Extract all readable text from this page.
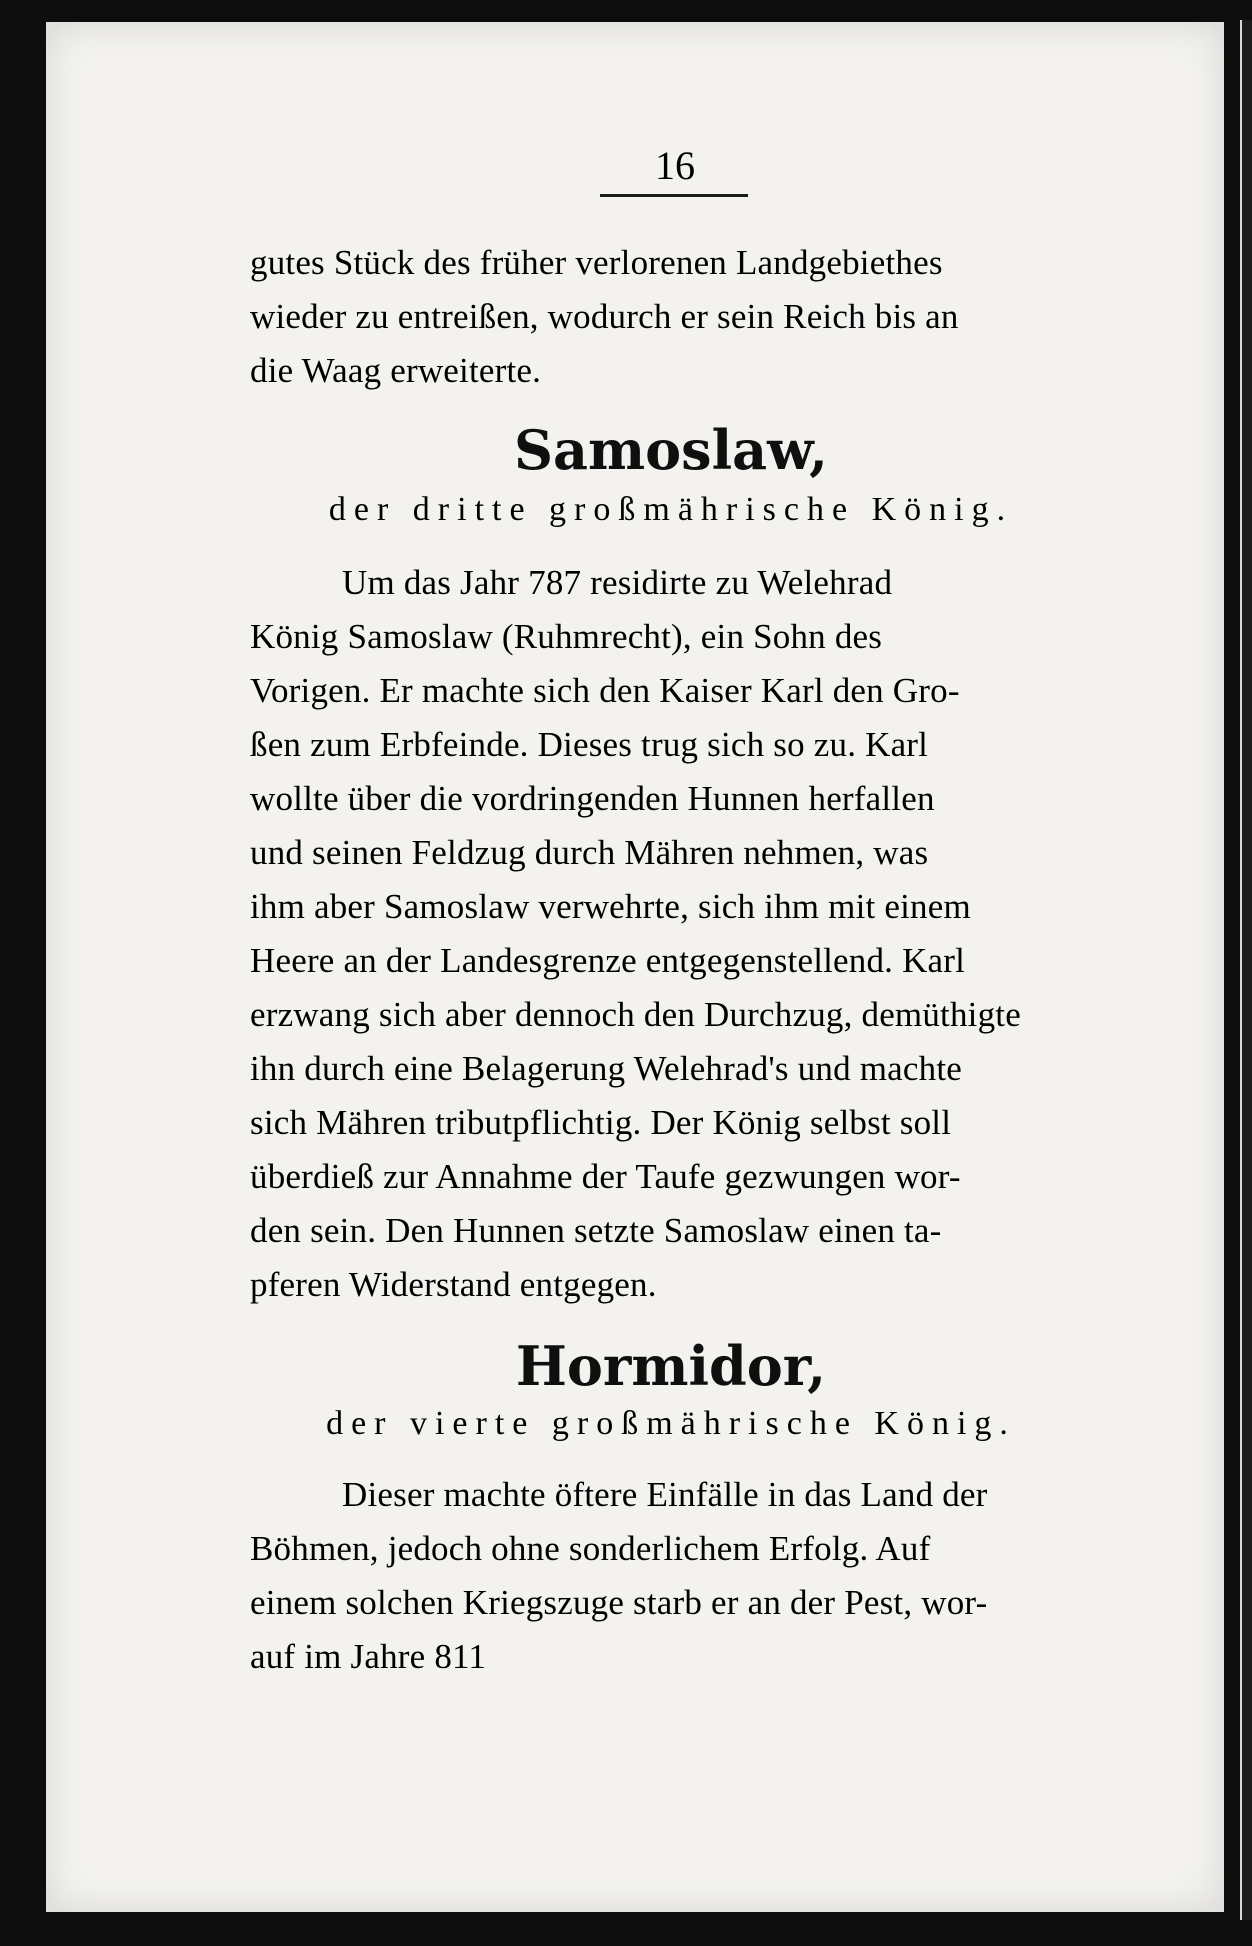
16
gutes Stück des früher verlorenen Landgebiethes
wieder zu entreißen, wodurch er sein Reich bis an
die Waag erweiterte.
Samoslaw,
der dritte großmährische König.
Um das Jahr 787 residirte zu Welehrad
König Samoslaw (Ruhmrecht), ein Sohn des
Vorigen. Er machte sich den Kaiser Karl den Gro-
ßen zum Erbfeinde. Dieses trug sich so zu. Karl
wollte über die vordringenden Hunnen herfallen
und seinen Feldzug durch Mähren nehmen, was
ihm aber Samoslaw verwehrte, sich ihm mit einem
Heere an der Landesgrenze entgegenstellend. Karl
erzwang sich aber dennoch den Durchzug, demüthigte
ihn durch eine Belagerung Welehrad's und machte
sich Mähren tributpflichtig. Der König selbst soll
überdieß zur Annahme der Taufe gezwungen wor-
den sein. Den Hunnen setzte Samoslaw einen ta-
pferen Widerstand entgegen.
Hormidor,
der vierte großmährische König.
Dieser machte öftere Einfälle in das Land der
Böhmen, jedoch ohne sonderlichem Erfolg. Auf
einem solchen Kriegszuge starb er an der Pest, wor-
auf im Jahre 811
